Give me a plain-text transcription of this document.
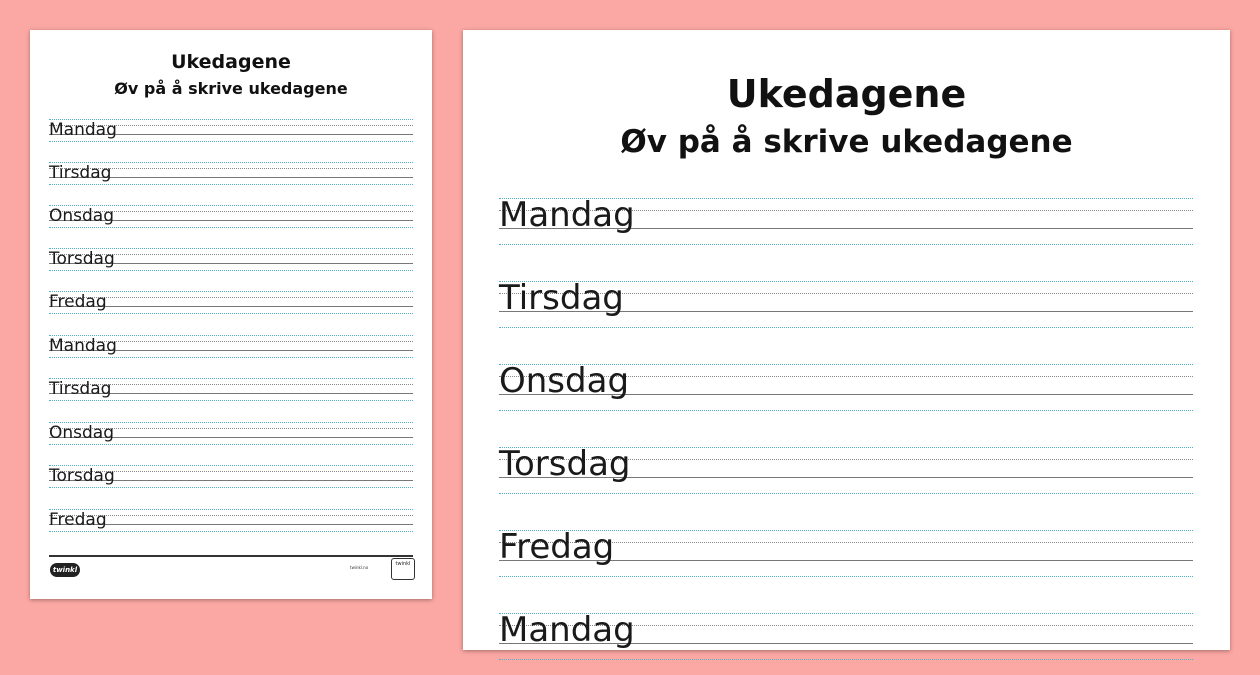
Ukedagene
Øv på å skrive ukedagene
Mandag
Tirsdag
Onsdag
Torsdag
Fredag
Mandag
Tirsdag
Onsdag
Torsdag
Fredag
twinkl	twinkl.no
twinkl
Ukedagene
Øv på å skrive ukedagene
Mandag
Tirsdag
Onsdag
Torsdag
Fredag
Mandag
